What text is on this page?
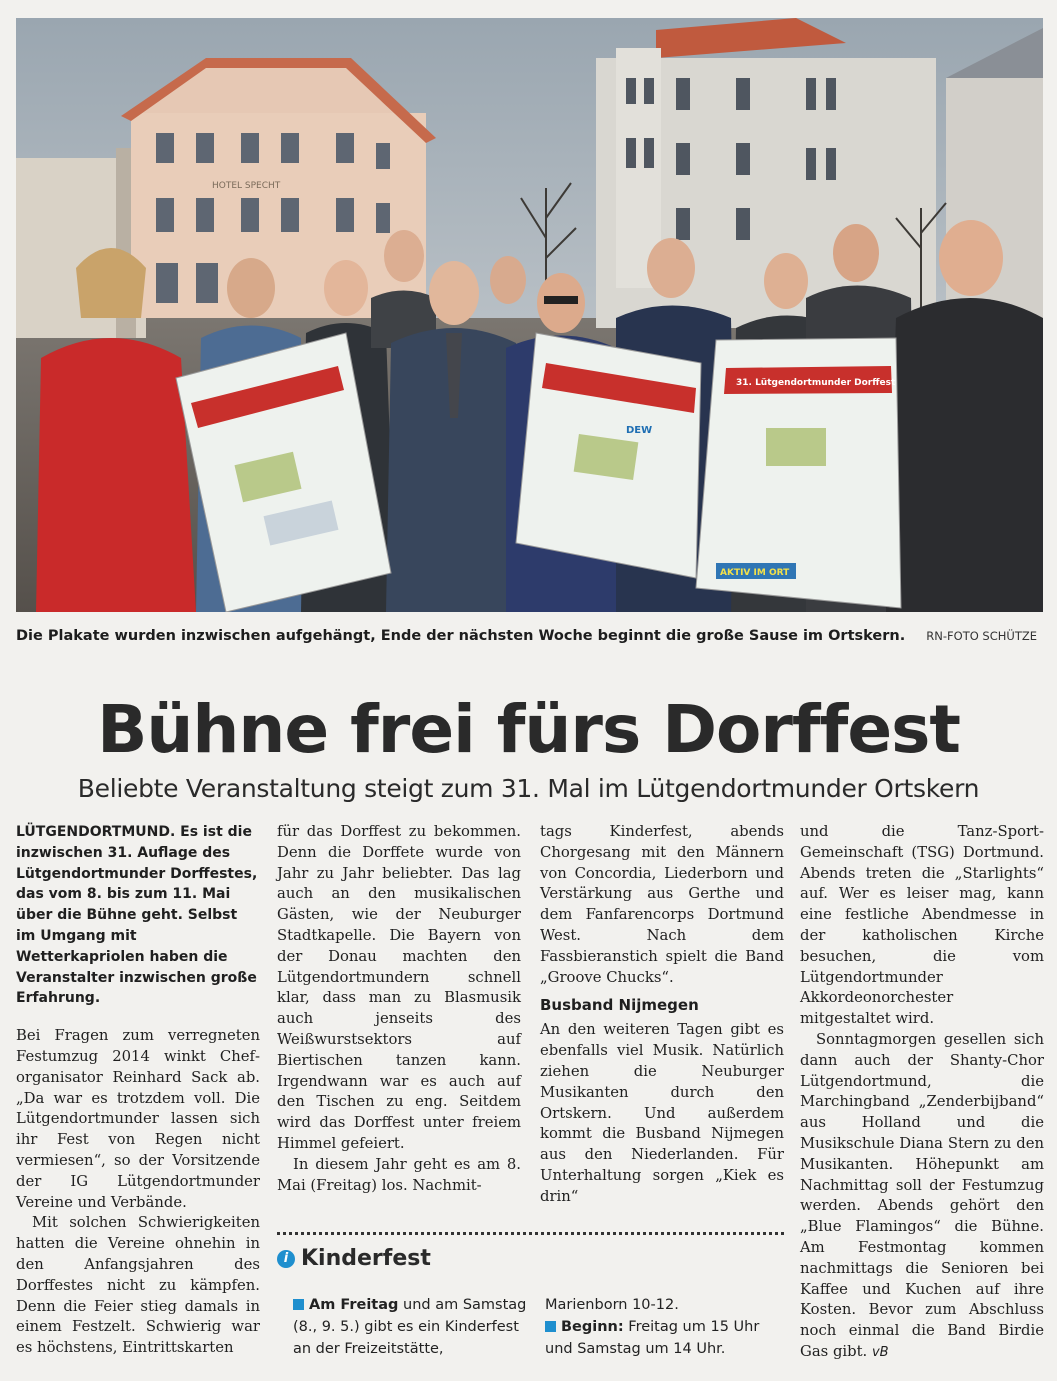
HOTEL SPECHT
DEW
31. Lütgendortmunder Dorffest
AKTIV IM ORT
Die Plakate wurden inzwischen aufgehängt, Ende der nächsten Woche beginnt die große Sause im Ortskern. RN-FOTO SCHÜTZE
Bühne frei fürs Dorffest
Beliebte Veranstaltung steigt zum 31. Mal im Lütgendortmunder Ortskern

LÜTGENDORTMUND. Es ist die inzwischen 31. Auflage des Lütgendortmunder Dorffestes, das vom 8. bis zum 11. Mai über die Bühne geht. Selbst im Umgang mit Wetterkapriolen haben die Veranstalter inzwischen große Erfahrung.

Bei Fragen zum verregneten Festumzug 2014 winkt Cheforganisator Reinhard Sack ab. „Da war es trotzdem voll. Die Lütgendortmunder lassen sich ihr Fest von Regen nicht vermiesen“, so der Vorsitzende der IG Lütgendortmunder Vereine und Verbände.

Mit solchen Schwierigkeiten hatten die Vereine ohnehin in den Anfangsjahren des Dorffestes nicht zu kämpfen. Denn die Feier stieg damals in einem Festzelt. Schwierig war es höchstens, Eintrittskarten

für das Dorffest zu bekommen. Denn die Dorffete wurde von Jahr zu Jahr beliebter. Das lag auch an den musikalischen Gästen, wie der Neuburger Stadtkapelle. Die Bayern von der Donau machten den Lütgendortmundern schnell klar, dass man zu Blasmusik auch jenseits des Weißwurstsektors auf Biertischen tanzen kann. Irgendwann war es auch auf den Tischen zu eng. Seitdem wird das Dorffest unter freiem Himmel gefeiert.

In diesem Jahr geht es am 8. Mai (Freitag) los. Nachmit-

tags Kinderfest, abends Chorgesang mit den Männern von Concordia, Liederborn und Verstärkung aus Gerthe und dem Fanfarencorps Dortmund West. Nach dem Fassbieranstich spielt die Band „Groove Chucks“.

Busband Nijmegen

An den weiteren Tagen gibt es ebenfalls viel Musik. Natürlich ziehen die Neuburger Musikanten durch den Ortskern. Und außerdem kommt die Busband Nijmegen aus den Niederlanden. Für Unterhaltung sorgen „Kiek es drin“

und die Tanz-Sport-Gemeinschaft (TSG) Dortmund. Abends treten die „Starlights“ auf. Wer es leiser mag, kann eine festliche Abendmesse in der katholischen Kirche besuchen, die vom Lütgendortmunder Akkordeonorchester mitgestaltet wird.

Sonntagmorgen gesellen sich dann auch der Shanty-Chor Lütgendortmund, die Marchingband „Zenderbijband“ aus Holland und die Musikschule Diana Stern zu den Musikanten. Höhepunkt am Nachmittag soll der Festumzug werden. Abends gehört den „Blue Flamingos“ die Bühne. Am Festmontag kommen nachmittags die Senioren bei Kaffee und Kuchen auf ihre Kosten. Bevor zum Abschluss noch einmal die Band Birdie Gas gibt. vB

i Kinderfest
Am Freitag und am Samstag (8., 9. 5.) gibt es ein Kinderfest an der Freizeitstätte,
Marienborn 10-12.
Beginn: Freitag um 15 Uhr und Samstag um 14 Uhr.
